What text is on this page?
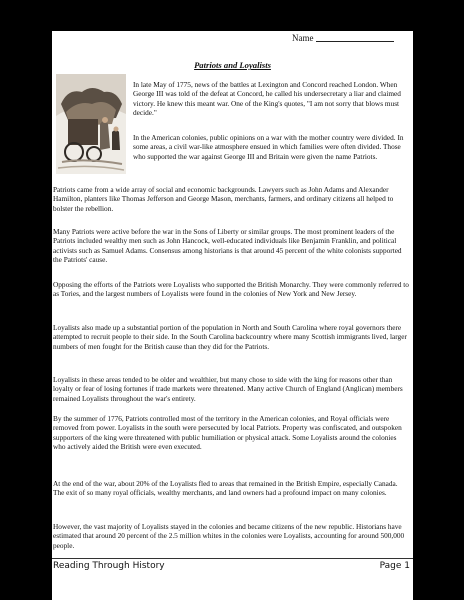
Name
Patriots and Loyalists

In late May of 1775, news of the battles at Lexington and Concord reached London. When George III was told of the defeat at Concord, he called his undersecretary a liar and claimed victory. He knew this meant war. One of the King's quotes, "I am not sorry that blows must decide."

In the American colonies, public opinions on a war with the mother country were divided. In some areas, a civil war-like atmosphere ensued in which families were often divided. Those who supported the war against George III and Britain were given the name Patriots.

Patriots came from a wide array of social and economic backgrounds. Lawyers such as John Adams and Alexander Hamilton, planters like Thomas Jefferson and George Mason, merchants, farmers, and ordinary citizens all helped to bolster the rebellion.

Many Patriots were active before the war in the Sons of Liberty or similar groups. The most prominent leaders of the Patriots included wealthy men such as John Hancock, well-educated individuals like Benjamin Franklin, and political activists such as Samuel Adams. Consensus among historians is that around 45 percent of the white colonists supported the Patriots' cause.

Opposing the efforts of the Patriots were Loyalists who supported the British Monarchy. They were commonly referred to as Tories, and the largest numbers of Loyalists were found in the colonies of New York and New Jersey.

Loyalists also made up a substantial portion of the population in North and South Carolina where royal governors there attempted to recruit people to their side. In the South Carolina backcountry where many Scottish immigrants lived, larger numbers of men fought for the British cause than they did for the Patriots.

Loyalists in these areas tended to be older and wealthier, but many chose to side with the king for reasons other than loyalty or fear of losing fortunes if trade markets were threatened. Many active Church of England (Anglican) members remained Loyalists throughout the war's entirety.

By the summer of 1776, Patriots controlled most of the territory in the American colonies, and Royal officials were removed from power. Loyalists in the south were persecuted by local Patriots. Property was confiscated, and outspoken supporters of the king were threatened with public humiliation or physical attack. Some Loyalists around the colonies who actively aided the British were even executed.

At the end of the war, about 20% of the Loyalists fled to areas that remained in the British Empire, especially Canada. The exit of so many royal officials, wealthy merchants, and land owners had a profound impact on many colonies.

However, the vast majority of Loyalists stayed in the colonies and became citizens of the new republic. Historians have estimated that around 20 percent of the 2.5 million whites in the colonies were Loyalists, accounting for around 500,000 people.

Reading Through History	Page 1
